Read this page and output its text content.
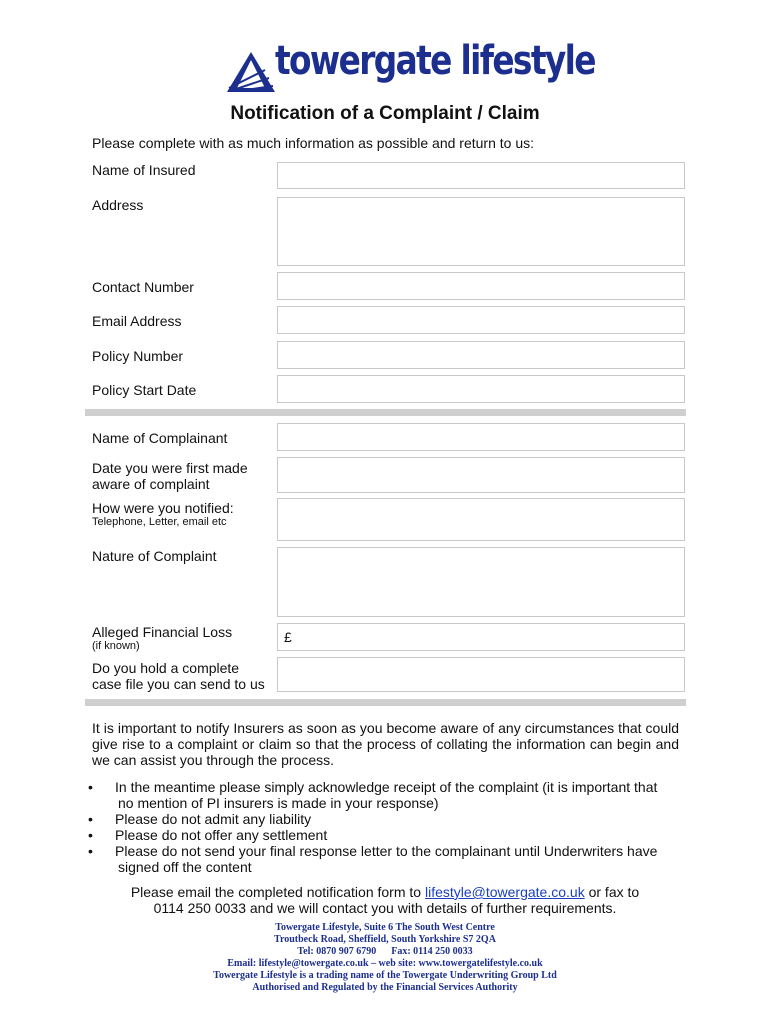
towergate lifestyle
Notification of a Complaint / Claim
Please complete with as much information as possible and return to us:
Name of Insured
Address
Contact Number
Email Address
Policy Number
Policy Start Date
Name of Complainant
Date you were first made
aware of complaint
How were you notified:
Telephone, Letter, email etc
Nature of Complaint
Alleged Financial Loss
(if known)
£
Do you hold a complete
case file you can send to us
It is important to notify Insurers as soon as you become aware of any circumstances that could give rise to a complaint or claim so that the process of collating the information can begin and we can assist you through the process.
• In the meantime please simply acknowledge receipt of the complaint (it is important that
no mention of PI insurers is made in your response)
• Please do not admit any liability
• Please do not offer any settlement
• Please do not send your final response letter to the complainant until Underwriters have
signed off the content
Please email the completed notification form to lifestyle@towergate.co.uk or fax to
0114 250 0033 and we will contact you with details of further requirements.
Towergate Lifestyle, Suite 6 The South West Centre
Troutbeck Road, Sheffield, South Yorkshire S7 2QA
Tel: 0870 907 6790      Fax: 0114 250 0033
Email: lifestyle@towergate.co.uk – web site: www.towergatelifestyle.co.uk
Towergate Lifestyle is a trading name of the Towergate Underwriting Group Ltd
Authorised and Regulated by the Financial Services Authority
